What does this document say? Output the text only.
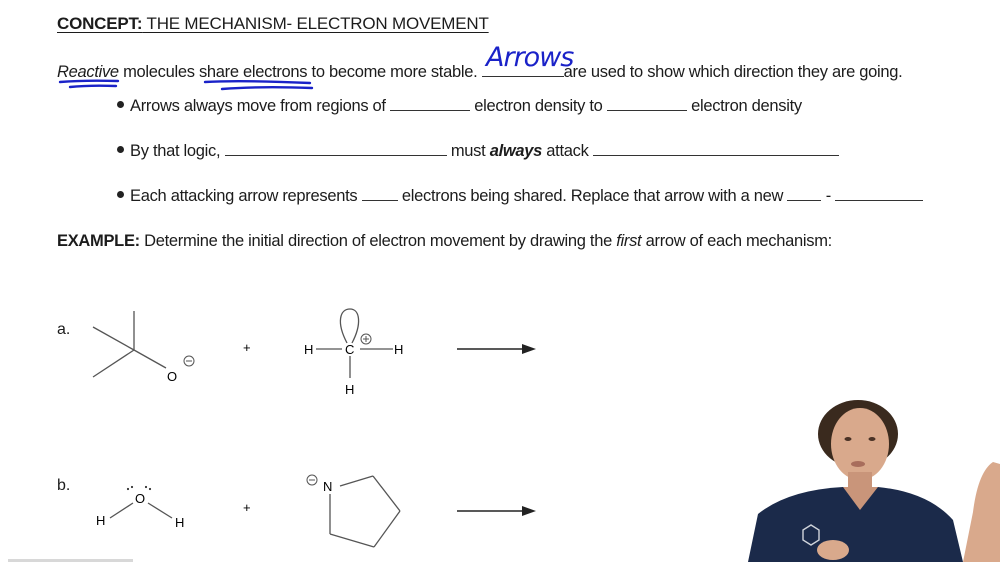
CONCEPT: THE MECHANISM- ELECTRON MOVEMENT
Reactive molecules share electrons to become more stable.	are used to show which direction they are going.
Arrows
Arrows always move from regions of	electron density to	electron density
By that logic,	must always attack
Each attacking arrow represents  electrons being shared. Replace that arrow with a new  -
EXAMPLE: Determine the initial direction of electron movement by drawing the first arrow of each mechanism:
a.
b.
O
+	H C	H
H
O
H	H
+
N
